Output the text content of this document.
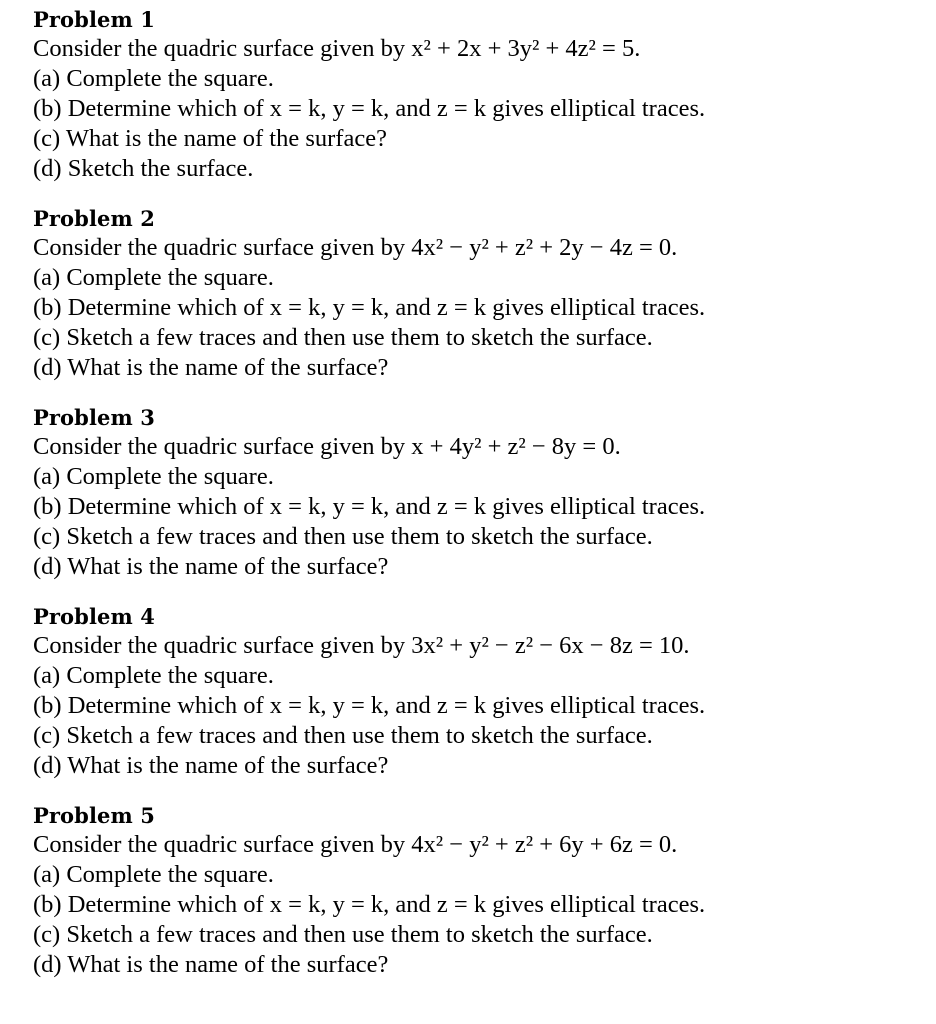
Problem 1
Consider the quadric surface given by x² + 2x + 3y² + 4z² = 5.
(a) Complete the square.
(b) Determine which of x = k, y = k, and z = k gives elliptical traces.
(c) What is the name of the surface?
(d) Sketch the surface.
Problem 2
Consider the quadric surface given by 4x² − y² + z² + 2y − 4z = 0.
(a) Complete the square.
(b) Determine which of x = k, y = k, and z = k gives elliptical traces.
(c) Sketch a few traces and then use them to sketch the surface.
(d) What is the name of the surface?
Problem 3
Consider the quadric surface given by x + 4y² + z² − 8y = 0.
(a) Complete the square.
(b) Determine which of x = k, y = k, and z = k gives elliptical traces.
(c) Sketch a few traces and then use them to sketch the surface.
(d) What is the name of the surface?
Problem 4
Consider the quadric surface given by 3x² + y² − z² − 6x − 8z = 10.
(a) Complete the square.
(b) Determine which of x = k, y = k, and z = k gives elliptical traces.
(c) Sketch a few traces and then use them to sketch the surface.
(d) What is the name of the surface?
Problem 5
Consider the quadric surface given by 4x² − y² + z² + 6y + 6z = 0.
(a) Complete the square.
(b) Determine which of x = k, y = k, and z = k gives elliptical traces.
(c) Sketch a few traces and then use them to sketch the surface.
(d) What is the name of the surface?
